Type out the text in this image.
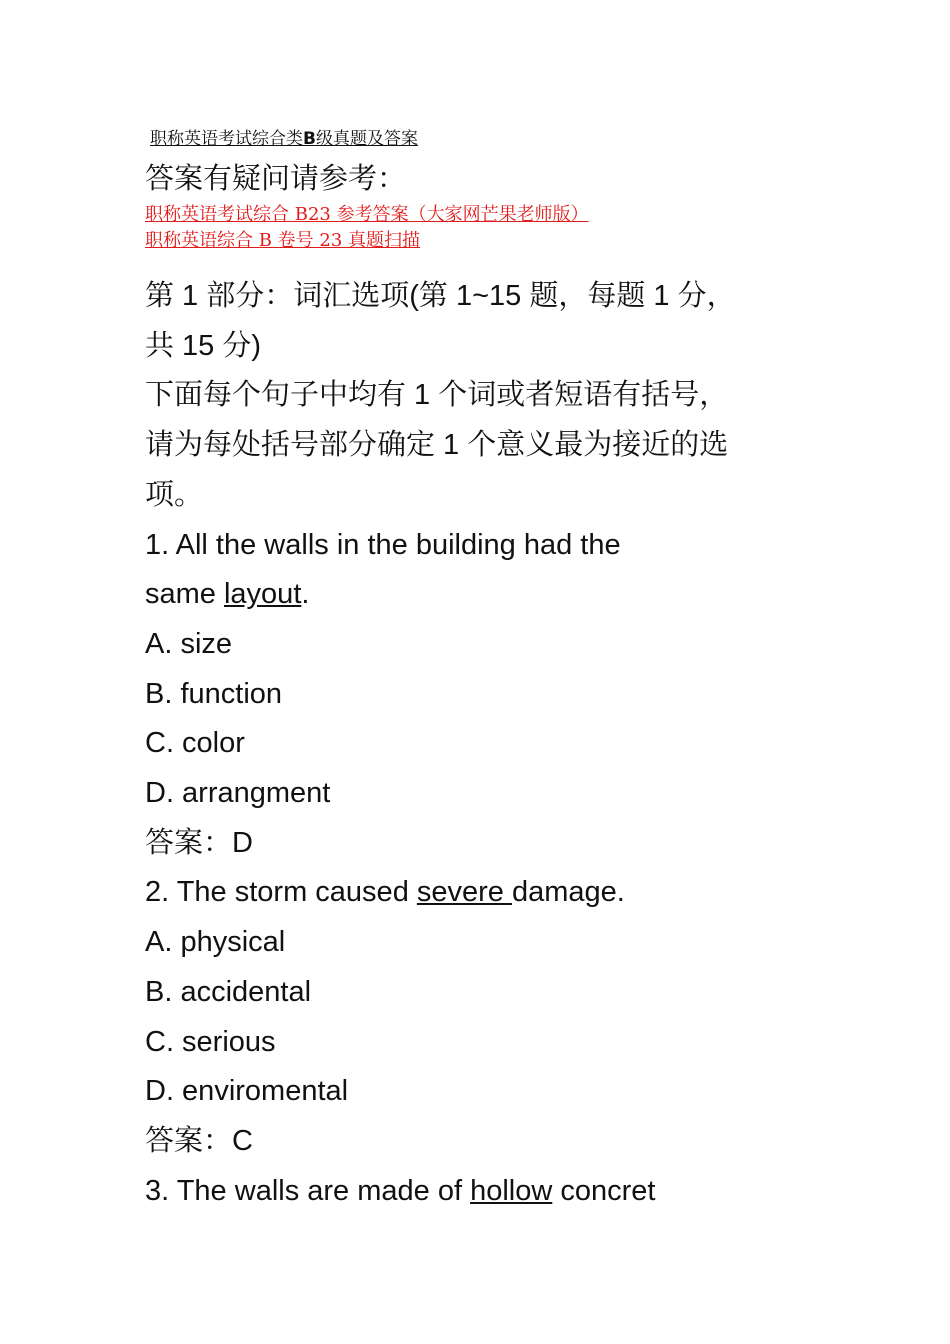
职称英语考试综合类B级真题及答案
答案有疑问请参考：
职称英语考试综合 B23 参考答案（大家网芒果老师版）
职称英语综合 B 卷号 23 真题扫描

第 1 部分：词汇选项(第 1~15 题，每题 1 分，

共 15 分)

下面每个句子中均有 1 个词或者短语有括号，

请为每处括号部分确定 1 个意义最为接近的选

项。

1. All the walls in the building had the

same layout.

A. size

B. function

C. color

D. arrangment

答案：D

2. The storm caused severe damage.

A. physical

B. accidental

C. serious

D. enviromental

答案：C

3. The walls are made of hollow concret
